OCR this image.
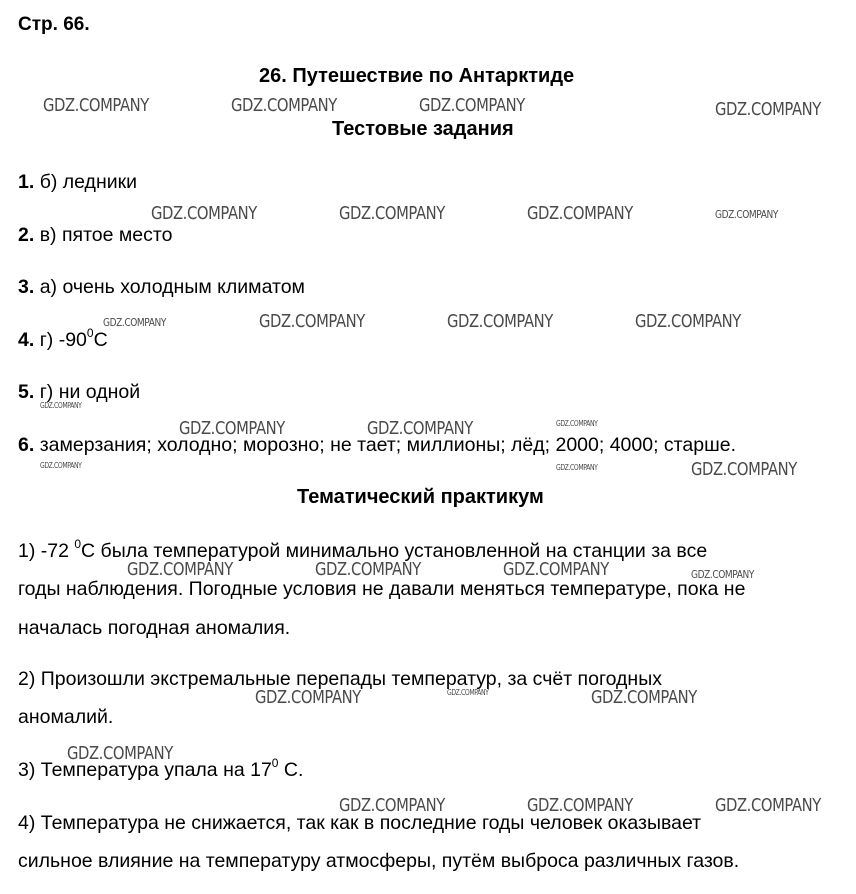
Стр. 66.
26. Путешествие по Антарктиде
Тестовые задания
1. б) ледники
2. в) пятое место
3. а) очень холодным климатом
4. г) $-90^0С$
5. г) ни одной
6. замерзания; холодно; морозно; не тает; миллионы; лёд; 2000; 4000; старше.
Тематический практикум
1) -72 $^0$С была температурой минимально установленной на станции за все
годы наблюдения. Погодные условия не давали меняться температуре, пока не
началась погодная аномалия.
2) Произошли экстремальные перепады температур, за счёт погодных
аномалий.
3) Температура упала на $17^0$ С.
4) Температура не снижается, так как в последние годы человек оказывает
сильное влияние на температуру атмосферы, путём выброса различных газов.
GDZ.COMPANY	GDZ.COMPANY	GDZ.COMPANY	GDZ.COMPANY
GDZ.COMPANY	GDZ.COMPANY	GDZ.COMPANY	GDZ.COMPANY
GDZ.COMPANY	GDZ.COMPANY	GDZ.COMPANY	GDZ.COMPANY
GDZ.COMPANY
GDZ.COMPANY	GDZ.COMPANY	GDZ.COMPANY
GDZ.COMPANY	GDZ.COMPANY	GDZ.COMPANY
GDZ.COMPANY	GDZ.COMPANY	GDZ.COMPANY	GDZ.COMPANY
GDZ.COMPANY	GDZ.COMPANY	GDZ.COMPANY
GDZ.COMPANY
GDZ.COMPANY	GDZ.COMPANY	GDZ.COMPANY
